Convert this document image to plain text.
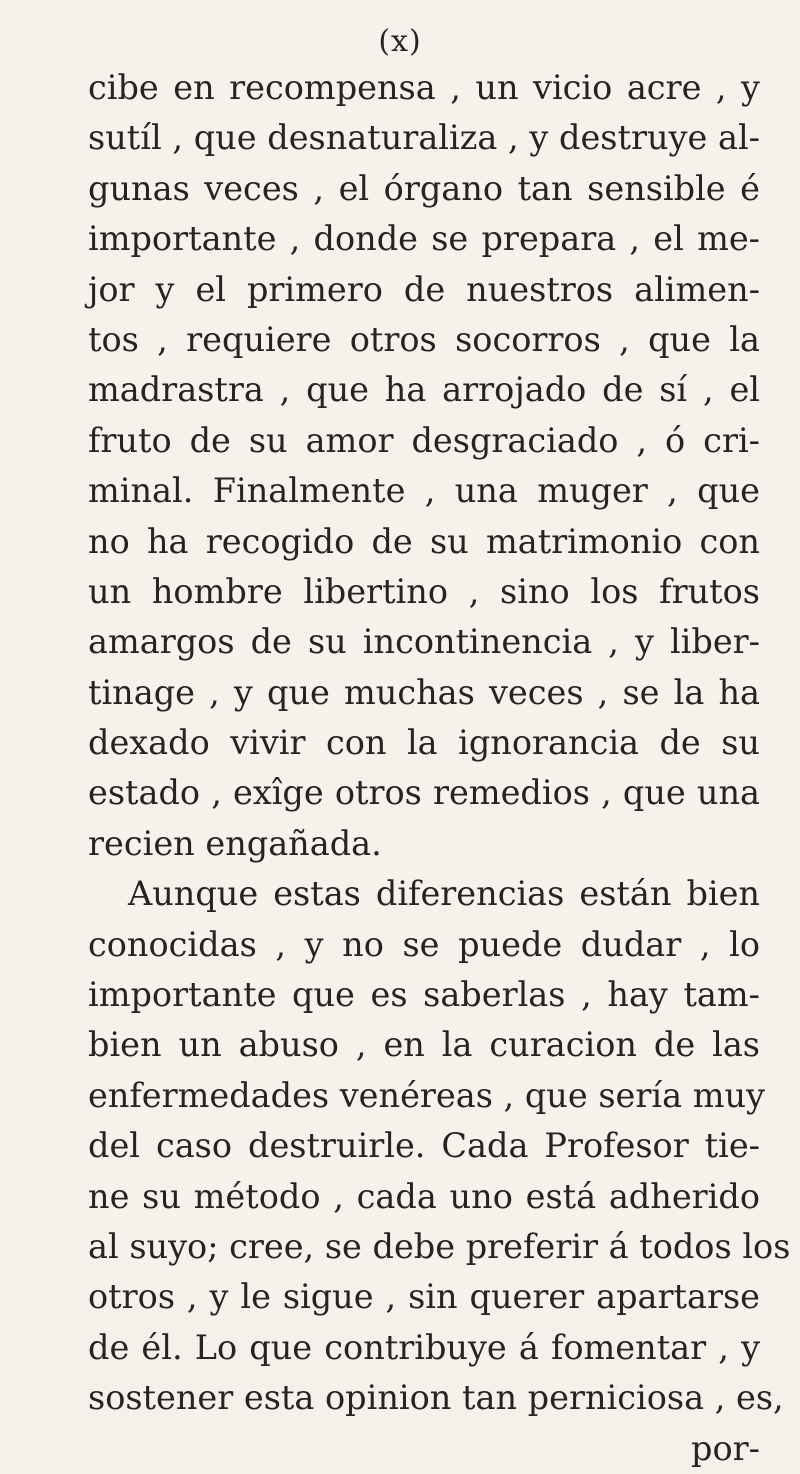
(x)
cibe en recompensa , un vicio acre , y
sutíl , que desnaturaliza , y destruye al-
gunas veces , el órgano tan sensible é
importante , donde se prepara , el me-
jor y el primero de nuestros alimen-
tos , requiere otros socorros , que la
madrastra , que ha arrojado de sí , el
fruto de su amor desgraciado , ó cri-
minal. Finalmente , una muger , que
no ha recogido de su matrimonio con
un hombre libertino , sino los frutos
amargos de su incontinencia , y liber-
tinage , y que muchas veces , se la ha
dexado vivir con la ignorancia de su
estado , exîge otros remedios , que una
recien engañada.
Aunque estas diferencias están bien
conocidas , y no se puede dudar , lo
importante que es saberlas , hay tam-
bien un abuso , en la curacion de las
enfermedades venéreas , que sería muy
del caso destruirle. Cada Profesor tie-
ne su método , cada uno está adherido
al suyo; cree, se debe preferir á todos los
otros , y le sigue , sin querer apartarse
de él. Lo que contribuye á fomentar , y
sostener esta opinion tan perniciosa , es,
por-
